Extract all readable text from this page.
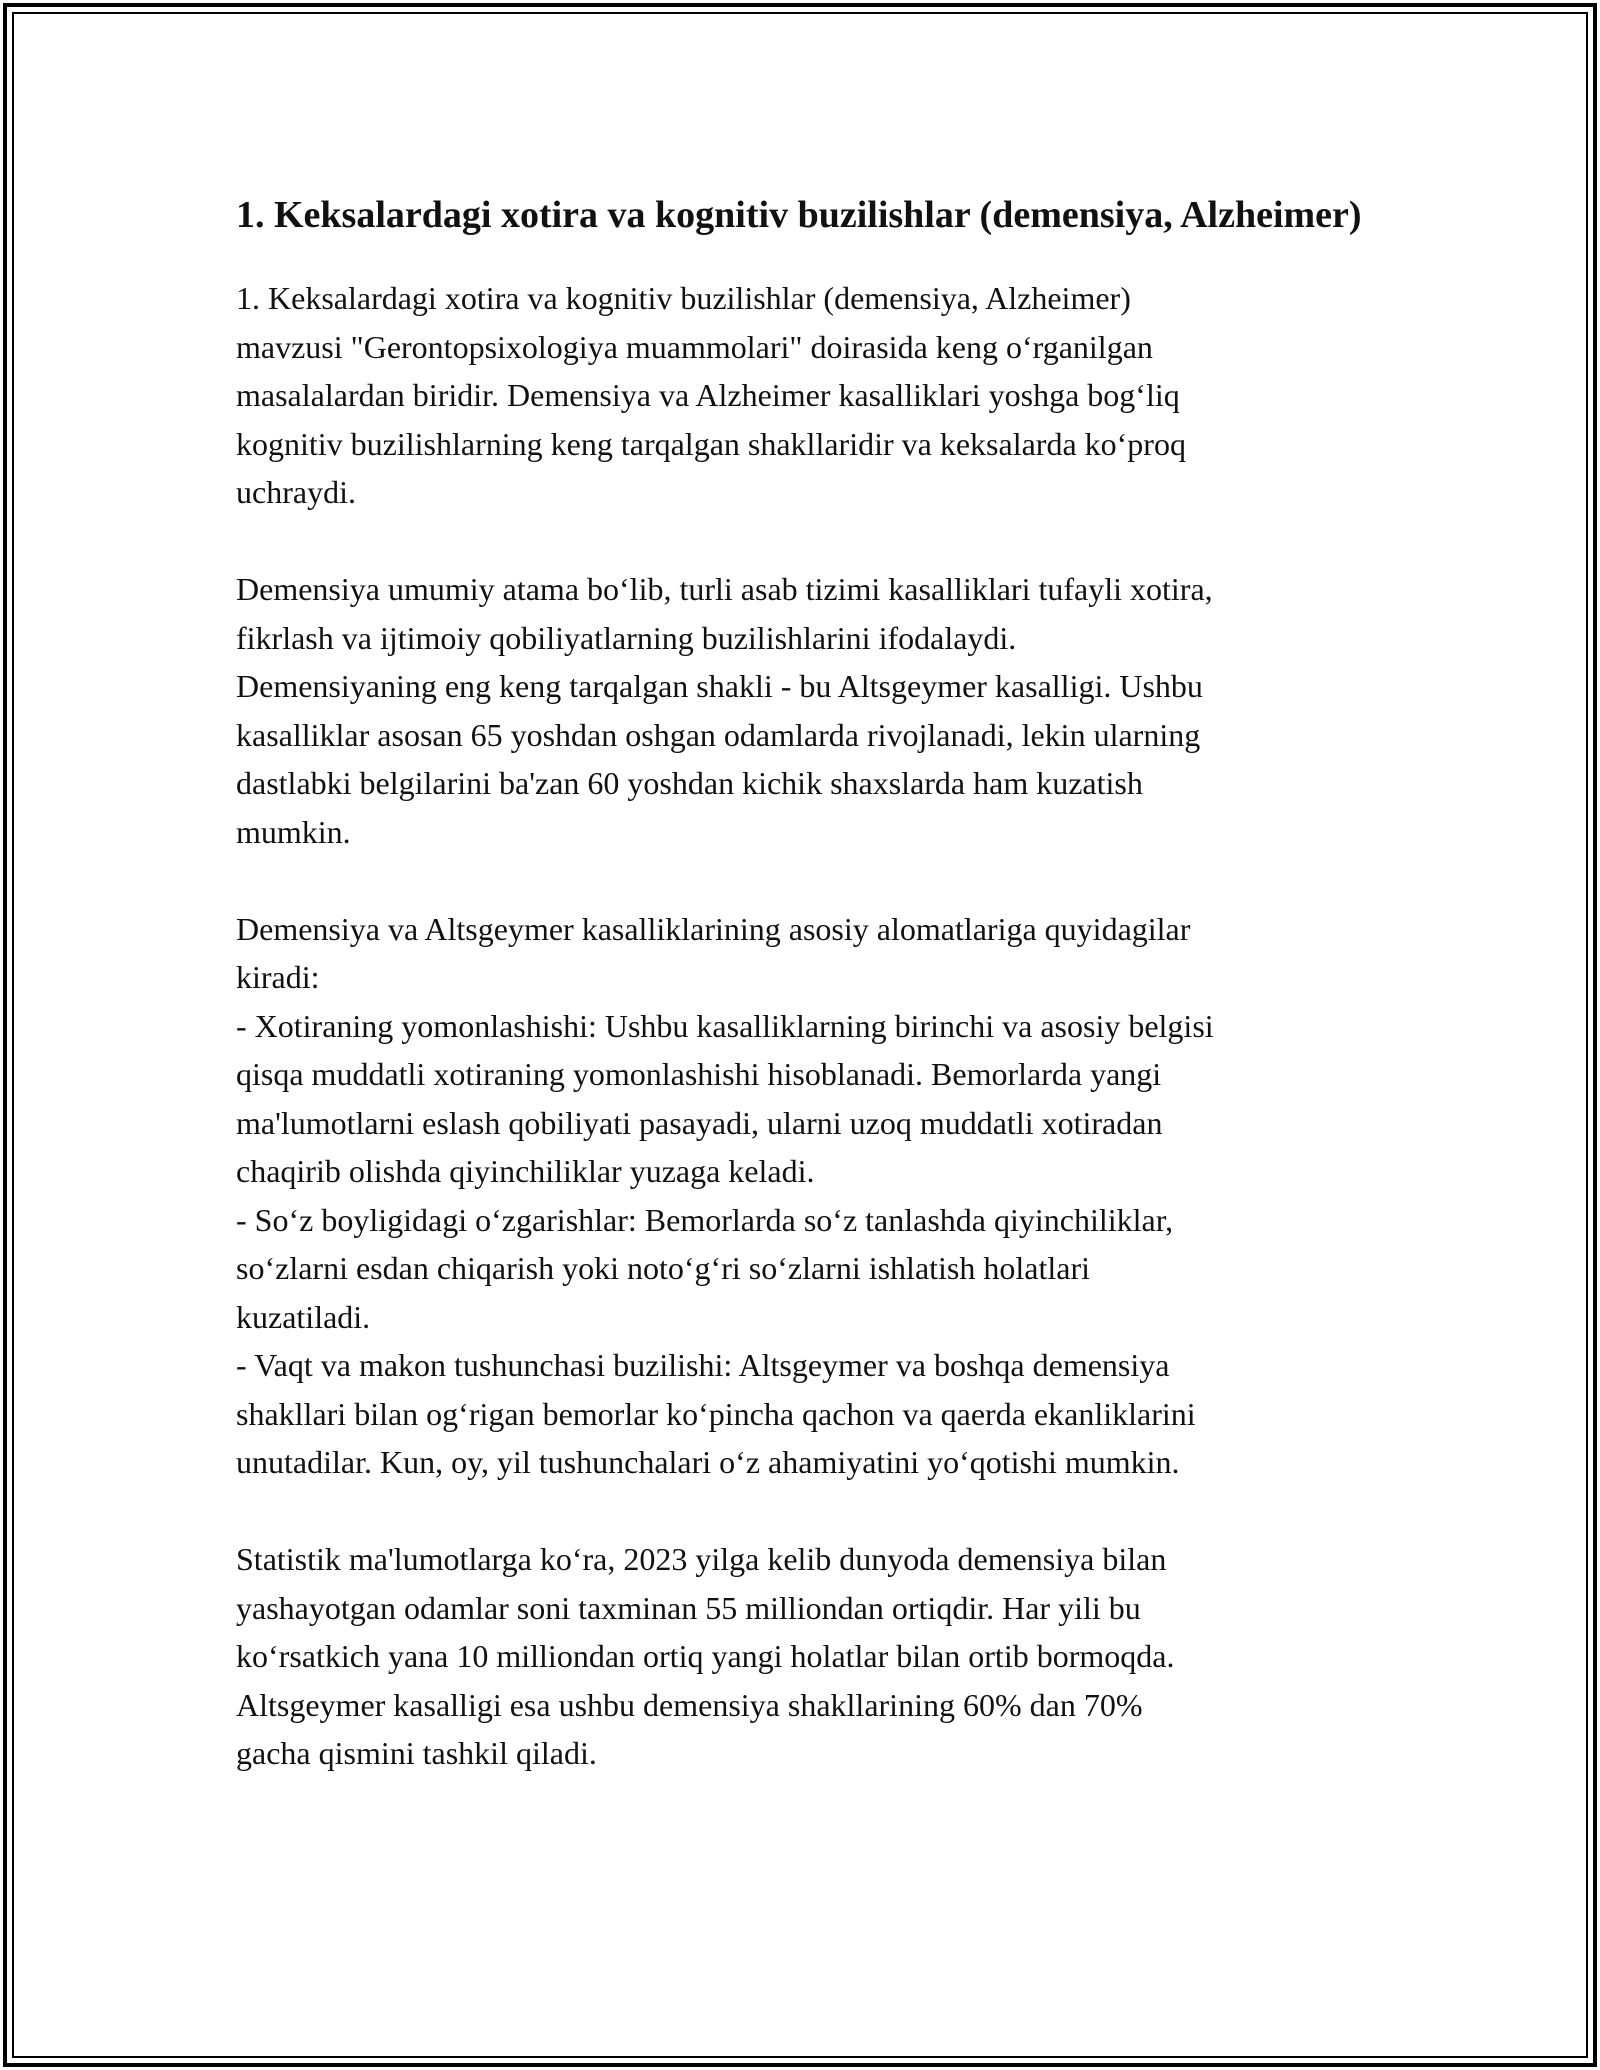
1. Keksalardagi xotira va kognitiv buzilishlar (demensiya, Alzheimer)

1. Keksalardagi xotira va kognitiv buzilishlar (demensiya, Alzheimer)
mavzusi "Gerontopsixologiya muammolari" doirasida keng o‘rganilgan
masalalardan biridir. Demensiya va Alzheimer kasalliklari yoshga bog‘liq
kognitiv buzilishlarning keng tarqalgan shakllaridir va keksalarda ko‘proq
uchraydi.

Demensiya umumiy atama bo‘lib, turli asab tizimi kasalliklari tufayli xotira,
fikrlash va ijtimoiy qobiliyatlarning buzilishlarini ifodalaydi.
Demensiyaning eng keng tarqalgan shakli - bu Altsgeymer kasalligi. Ushbu
kasalliklar asosan 65 yoshdan oshgan odamlarda rivojlanadi, lekin ularning
dastlabki belgilarini ba'zan 60 yoshdan kichik shaxslarda ham kuzatish
mumkin.

Demensiya va Altsgeymer kasalliklarining asosiy alomatlariga quyidagilar
kiradi:
- Xotiraning yomonlashishi: Ushbu kasalliklarning birinchi va asosiy belgisi
qisqa muddatli xotiraning yomonlashishi hisoblanadi. Bemorlarda yangi
ma'lumotlarni eslash qobiliyati pasayadi, ularni uzoq muddatli xotiradan
chaqirib olishda qiyinchiliklar yuzaga keladi.
- So‘z boyligidagi o‘zgarishlar: Bemorlarda so‘z tanlashda qiyinchiliklar,
so‘zlarni esdan chiqarish yoki noto‘g‘ri so‘zlarni ishlatish holatlari
kuzatiladi.
- Vaqt va makon tushunchasi buzilishi: Altsgeymer va boshqa demensiya
shakllari bilan og‘rigan bemorlar ko‘pincha qachon va qaerda ekanliklarini
unutadilar. Kun, oy, yil tushunchalari o‘z ahamiyatini yo‘qotishi mumkin.

Statistik ma'lumotlarga ko‘ra, 2023 yilga kelib dunyoda demensiya bilan
yashayotgan odamlar soni taxminan 55 milliondan ortiqdir. Har yili bu
ko‘rsatkich yana 10 milliondan ortiq yangi holatlar bilan ortib bormoqda.
Altsgeymer kasalligi esa ushbu demensiya shakllarining 60% dan 70%
gacha qismini tashkil qiladi.
